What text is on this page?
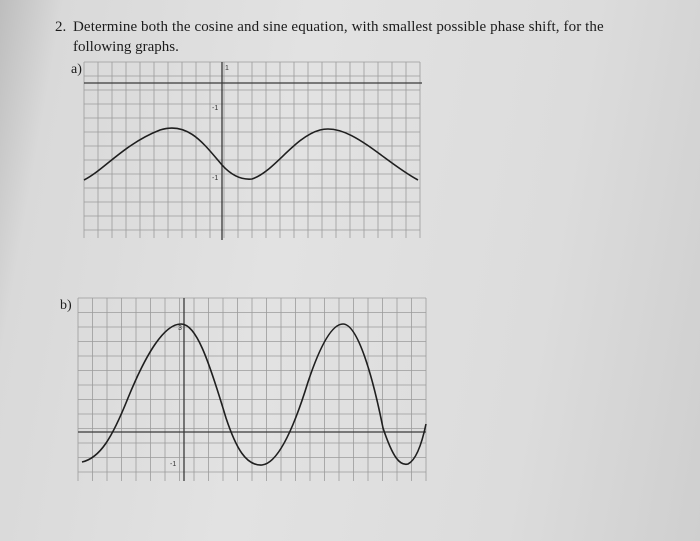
2. Determine both the cosine and sine equation, with smallest possible phase shift, for the
following graphs.
a)	1
-1
-1
b)
3
-1
